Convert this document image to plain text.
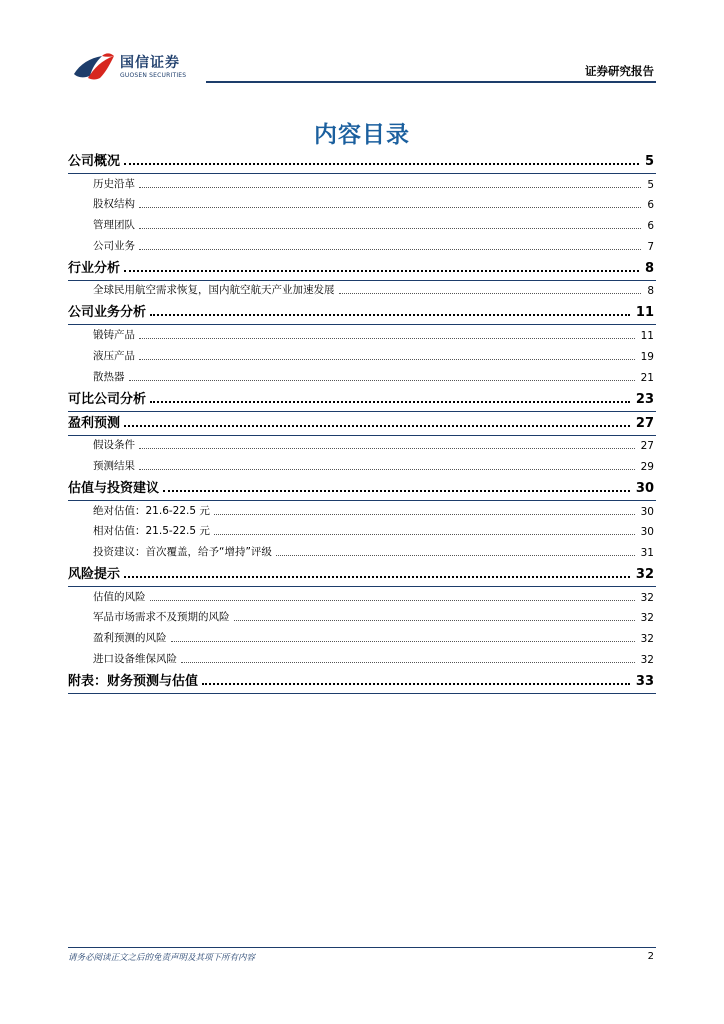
国信证券
GUOSEN SECURITIES	证券研究报告
内容目录
公司概况	5
历史沿革	5
股权结构	6
管理团队	6
公司业务	7
行业分析	8
全球民用航空需求恢复，国内航空航天产业加速发展	8
公司业务分析	11
锻铸产品	11
液压产品	19
散热器	21
可比公司分析	23
盈利预测	27
假设条件	27
预测结果	29
估值与投资建议	30
绝对估值：21.6-22.5 元	30
相对估值：21.5-22.5 元	30
投资建议：首次覆盖，给予“增持”评级	31
风险提示	32
估值的风险	32
军品市场需求不及预期的风险	32
盈利预测的风险	32
进口设备维保风险	32
附表：财务预测与估值	33
请务必阅读正文之后的免责声明及其项下所有内容	2
